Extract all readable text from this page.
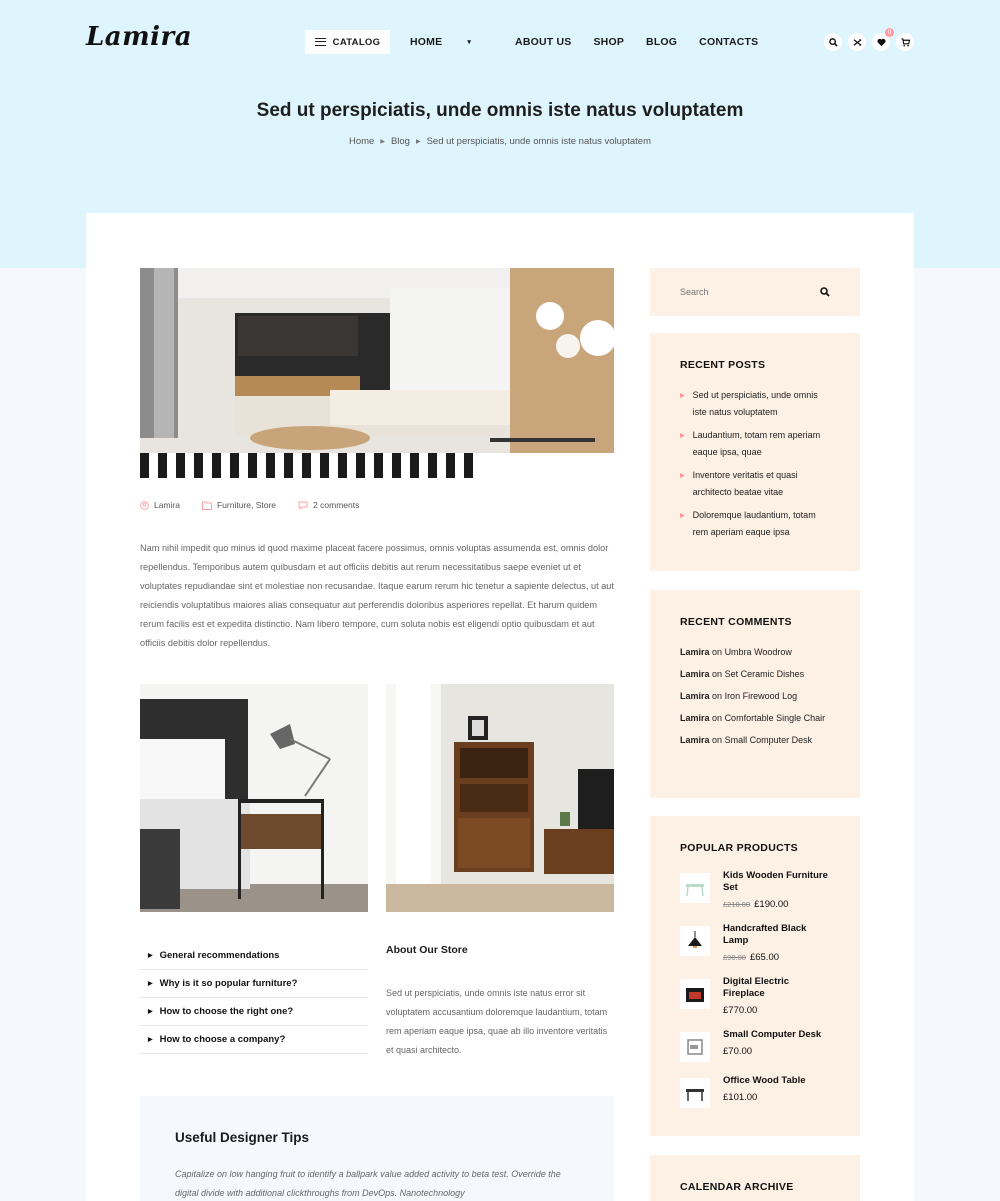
Lamira	CATALOG	HOME	▾	ABOUT US SHOP BLOG CONTACTS
0
Sed ut perspiciatis, unde omnis iste natus voluptatem
Home ▶ Blog ▶ Sed ut perspiciatis, unde omnis iste natus voluptatem
Lamira	Furniture, Store	2 comments
Nam nihil impedit quo minus id quod maxime placeat facere possimus, omnis voluptas assumenda est, omnis dolor repellendus. Temporibus autem quibusdam et aut officiis debitis aut rerum necessitatibus saepe eveniet ut et voluptates repudiandae sint et molestiae non recusandae. Itaque earum rerum hic tenetur a sapiente delectus, ut aut reiciendis voluptatibus maiores alias consequatur aut perferendis doloribus asperiores repellat. Et harum quidem rerum facilis est et expedita distinctio. Nam libero tempore, cum soluta nobis est eligendi optio quibusdam et aut officiis debitis dolor repellendus.
▶ General recommendations
▶ Why is it so popular furniture?
▶ How to choose the right one?
▶ How to choose a company?
About Our Store
Sed ut perspiciatis, unde omnis iste natus error sit voluptatem accusantium doloremque laudantium, totam rem aperiam eaque ipsa, quae ab illo inventore veritatis et quasi architecto.
Useful Designer Tips
Capitalize on low hanging fruit to identify a ballpark value added activity to beta test. Override the digital divide with additional clickthroughs from DevOps. Nanotechnology
Search
RECENT POSTS
▶ Sed ut perspiciatis, unde omnis iste natus voluptatem
▶ Laudantium, totam rem aperiam eaque ipsa, quae
▶ Inventore veritatis et quasi architecto beatae vitae
▶ Doloremque laudantium, totam rem aperiam eaque ipsa
RECENT COMMENTS
Lamira on Umbra Woodrow
Lamira on Set Ceramic Dishes
Lamira on Iron Firewood Log
Lamira on Comfortable Single Chair
Lamira on Small Computer Desk
POPULAR PRODUCTS
Kids Wooden Furniture Set
£210.00 £190.00
Handcrafted Black Lamp
£90.00 £65.00
Digital Electric Fireplace
£770.00
Small Computer Desk
£70.00
Office Wood Table
£101.00
CALENDAR ARCHIVE
